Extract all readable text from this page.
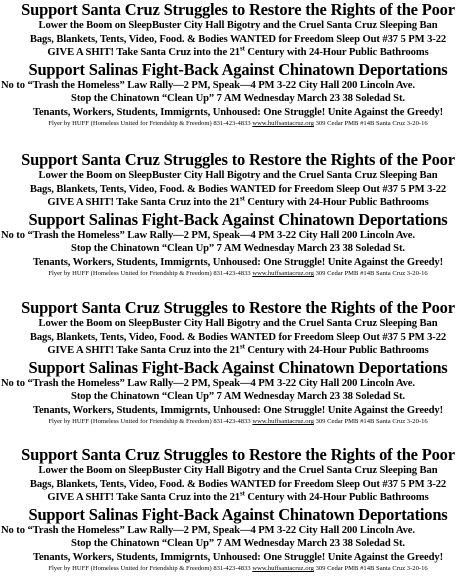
Support Santa Cruz Struggles to Restore the Rights of the Poor
Lower the Boom on SleepBuster City Hall Bigotry and the Cruel Santa Cruz Sleeping Ban
Bags, Blankets, Tents, Video, Food. & Bodies WANTED for Freedom Sleep Out #37 5 PM 3-22
GIVE A SHIT! Take Santa Cruz into the 21st Century with 24-Hour Public Bathrooms
Support Salinas Fight-Back Against Chinatown Deportations
No to “Trash the Homeless” Law Rally—2 PM, Speak—4 PM 3-22 City Hall 200 Lincoln Ave.
Stop the Chinatown “Clean Up” 7 AM Wednesday March 23 38 Soledad St.
Tenants, Workers, Students, Immigrnts, Unhoused: One Struggle! Unite Against the Greedy!
Flyer by HUFF (Homeless United for Friendship & Freedom) 831-423-4833 www.huffsantacruz.org 309 Cedar PMB #14B Santa Cruz 3-20-16
Support Santa Cruz Struggles to Restore the Rights of the Poor
Lower the Boom on SleepBuster City Hall Bigotry and the Cruel Santa Cruz Sleeping Ban
Bags, Blankets, Tents, Video, Food. & Bodies WANTED for Freedom Sleep Out #37 5 PM 3-22
GIVE A SHIT! Take Santa Cruz into the 21st Century with 24-Hour Public Bathrooms
Support Salinas Fight-Back Against Chinatown Deportations
No to “Trash the Homeless” Law Rally—2 PM, Speak—4 PM 3-22 City Hall 200 Lincoln Ave.
Stop the Chinatown “Clean Up” 7 AM Wednesday March 23 38 Soledad St.
Tenants, Workers, Students, Immigrnts, Unhoused: One Struggle! Unite Against the Greedy!
Flyer by HUFF (Homeless United for Friendship & Freedom) 831-423-4833 www.huffsantacruz.org 309 Cedar PMB #14B Santa Cruz 3-20-16
Support Santa Cruz Struggles to Restore the Rights of the Poor
Lower the Boom on SleepBuster City Hall Bigotry and the Cruel Santa Cruz Sleeping Ban
Bags, Blankets, Tents, Video, Food. & Bodies WANTED for Freedom Sleep Out #37 5 PM 3-22
GIVE A SHIT! Take Santa Cruz into the 21st Century with 24-Hour Public Bathrooms
Support Salinas Fight-Back Against Chinatown Deportations
No to “Trash the Homeless” Law Rally—2 PM, Speak—4 PM 3-22 City Hall 200 Lincoln Ave.
Stop the Chinatown “Clean Up” 7 AM Wednesday March 23 38 Soledad St.
Tenants, Workers, Students, Immigrnts, Unhoused: One Struggle! Unite Against the Greedy!
Flyer by HUFF (Homeless United for Friendship & Freedom) 831-423-4833 www.huffsantacruz.org 309 Cedar PMB #14B Santa Cruz 3-20-16
Support Santa Cruz Struggles to Restore the Rights of the Poor
Lower the Boom on SleepBuster City Hall Bigotry and the Cruel Santa Cruz Sleeping Ban
Bags, Blankets, Tents, Video, Food. & Bodies WANTED for Freedom Sleep Out #37 5 PM 3-22
GIVE A SHIT! Take Santa Cruz into the 21st Century with 24-Hour Public Bathrooms
Support Salinas Fight-Back Against Chinatown Deportations
No to “Trash the Homeless” Law Rally—2 PM, Speak—4 PM 3-22 City Hall 200 Lincoln Ave.
Stop the Chinatown “Clean Up” 7 AM Wednesday March 23 38 Soledad St.
Tenants, Workers, Students, Immigrnts, Unhoused: One Struggle! Unite Against the Greedy!
Flyer by HUFF (Homeless United for Friendship & Freedom) 831-423-4833 www.huffsantacruz.org 309 Cedar PMB #14B Santa Cruz 3-20-16
